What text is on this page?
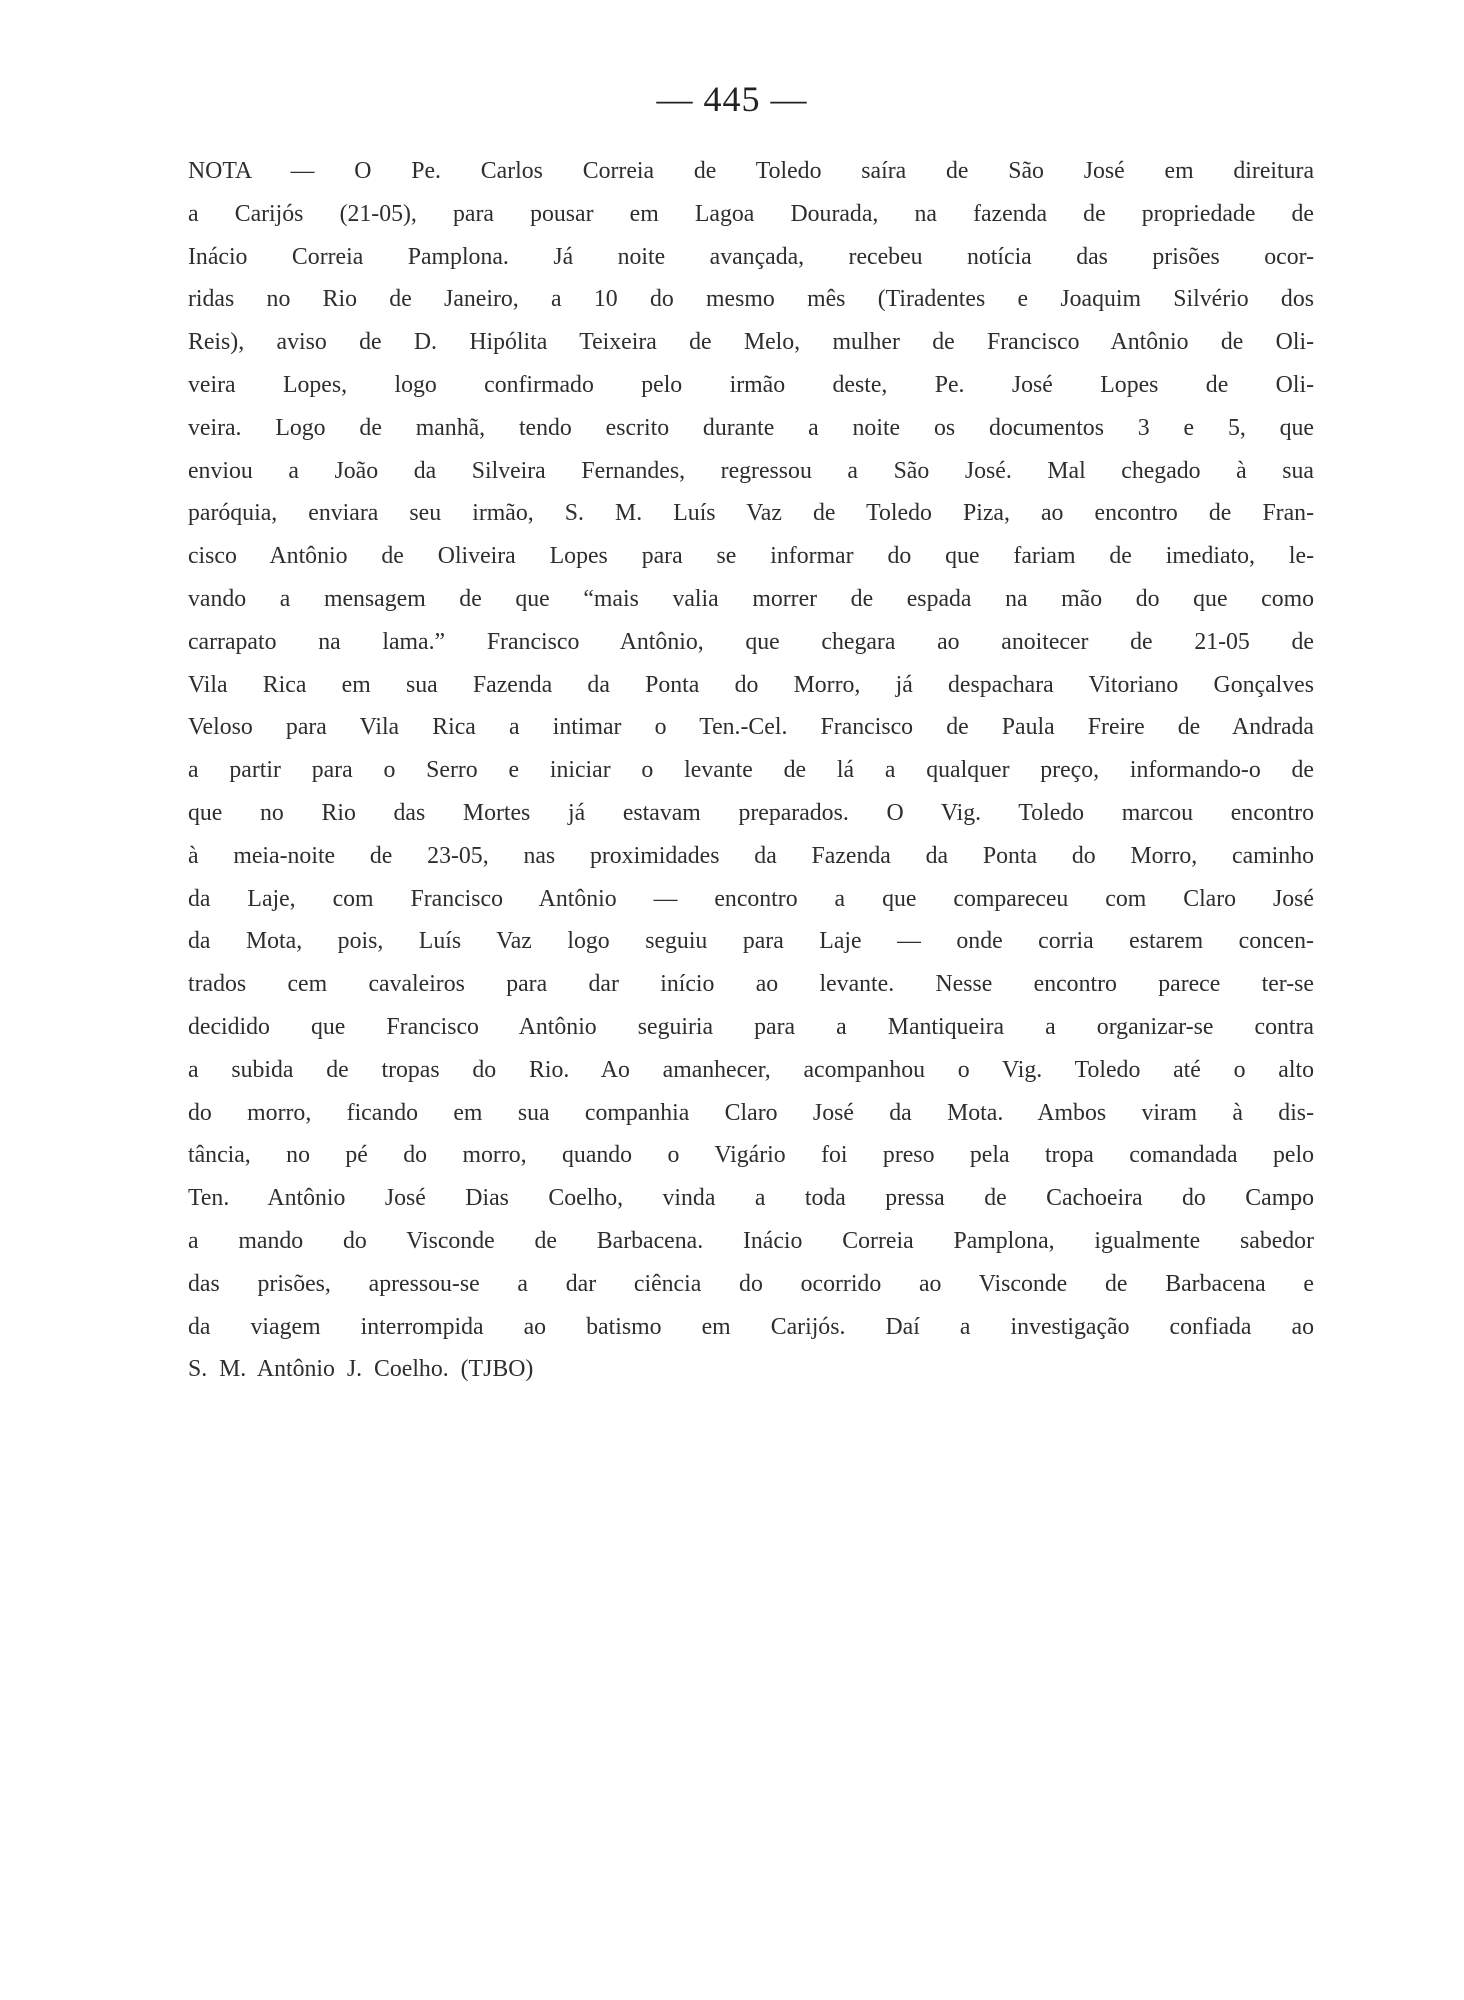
— 445 —
NOTA — O Pe. Carlos Correia de Toledo saíra de São José em direitura
a Carijós (21-05), para pousar em Lagoa Dourada, na fazenda de propriedade de
Inácio Correia Pamplona. Já noite avançada, recebeu notícia das prisões ocor-
ridas no Rio de Janeiro, a 10 do mesmo mês (Tiradentes e Joaquim Silvério dos
Reis), aviso de D. Hipólita Teixeira de Melo, mulher de Francisco Antônio de Oli-
veira Lopes, logo confirmado pelo irmão deste, Pe. José Lopes de Oli-
veira. Logo de manhã, tendo escrito durante a noite os documentos 3 e 5, que
enviou a João da Silveira Fernandes, regressou a São José. Mal chegado à sua
paróquia, enviara seu irmão, S. M. Luís Vaz de Toledo Piza, ao encontro de Fran-
cisco Antônio de Oliveira Lopes para se informar do que fariam de imediato, le-
vando a mensagem de que “mais valia morrer de espada na mão do que como
carrapato na lama.” Francisco Antônio, que chegara ao anoitecer de 21-05 de
Vila Rica em sua Fazenda da Ponta do Morro, já despachara Vitoriano Gonçalves
Veloso para Vila Rica a intimar o Ten.-Cel. Francisco de Paula Freire de Andrada
a partir para o Serro e iniciar o levante de lá a qualquer preço, informando-o de
que no Rio das Mortes já estavam preparados. O Vig. Toledo marcou encontro
à meia-noite de 23-05, nas proximidades da Fazenda da Ponta do Morro, caminho
da Laje, com Francisco Antônio — encontro a que compareceu com Claro José
da Mota, pois, Luís Vaz logo seguiu para Laje — onde corria estarem concen-
trados cem cavaleiros para dar início ao levante. Nesse encontro parece ter-se
decidido que Francisco Antônio seguiria para a Mantiqueira a organizar-se contra
a subida de tropas do Rio. Ao amanhecer, acompanhou o Vig. Toledo até o alto
do morro, ficando em sua companhia Claro José da Mota. Ambos viram à dis-
tância, no pé do morro, quando o Vigário foi preso pela tropa comandada pelo
Ten. Antônio José Dias Coelho, vinda a toda pressa de Cachoeira do Campo
a mando do Visconde de Barbacena. Inácio Correia Pamplona, igualmente sabedor
das prisões, apressou-se a dar ciência do ocorrido ao Visconde de Barbacena e
da viagem interrompida ao batismo em Carijós. Daí a investigação confiada ao
S. M. Antônio J. Coelho. (TJBO)
